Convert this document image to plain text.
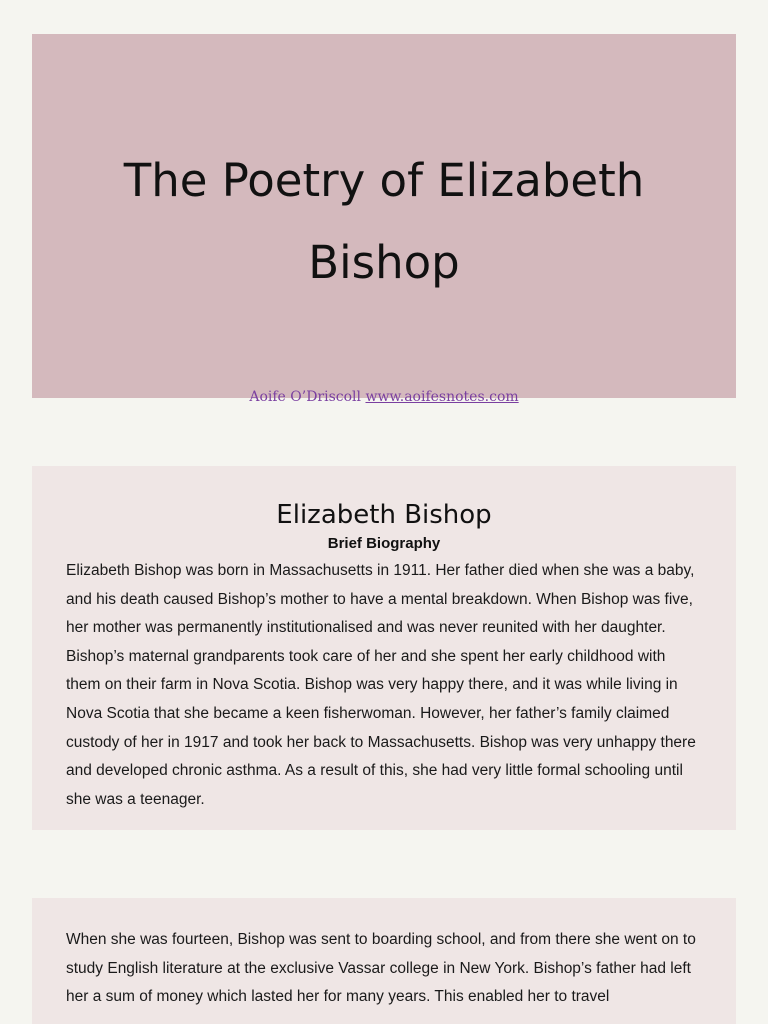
The Poetry of Elizabeth Bishop
Aoife O’Driscoll www.aoifesnotes.com
Elizabeth Bishop
Brief Biography

Elizabeth Bishop was born in Massachusetts in 1911. Her father died when she was a baby, and his death caused Bishop’s mother to have a mental breakdown. When Bishop was five, her mother was permanently institutionalised and was never reunited with her daughter. Bishop’s maternal grandparents took care of her and she spent her early childhood with them on their farm in Nova Scotia. Bishop was very happy there, and it was while living in Nova Scotia that she became a keen fisherwoman. However, her father’s family claimed custody of her in 1917 and took her back to Massachusetts. Bishop was very unhappy there and developed chronic asthma. As a result of this, she had very little formal schooling until she was a teenager.

When she was fourteen, Bishop was sent to boarding school, and from there she went on to study English literature at the exclusive Vassar college in New York. Bishop’s father had left her a sum of money which lasted her for many years. This enabled her to travel
